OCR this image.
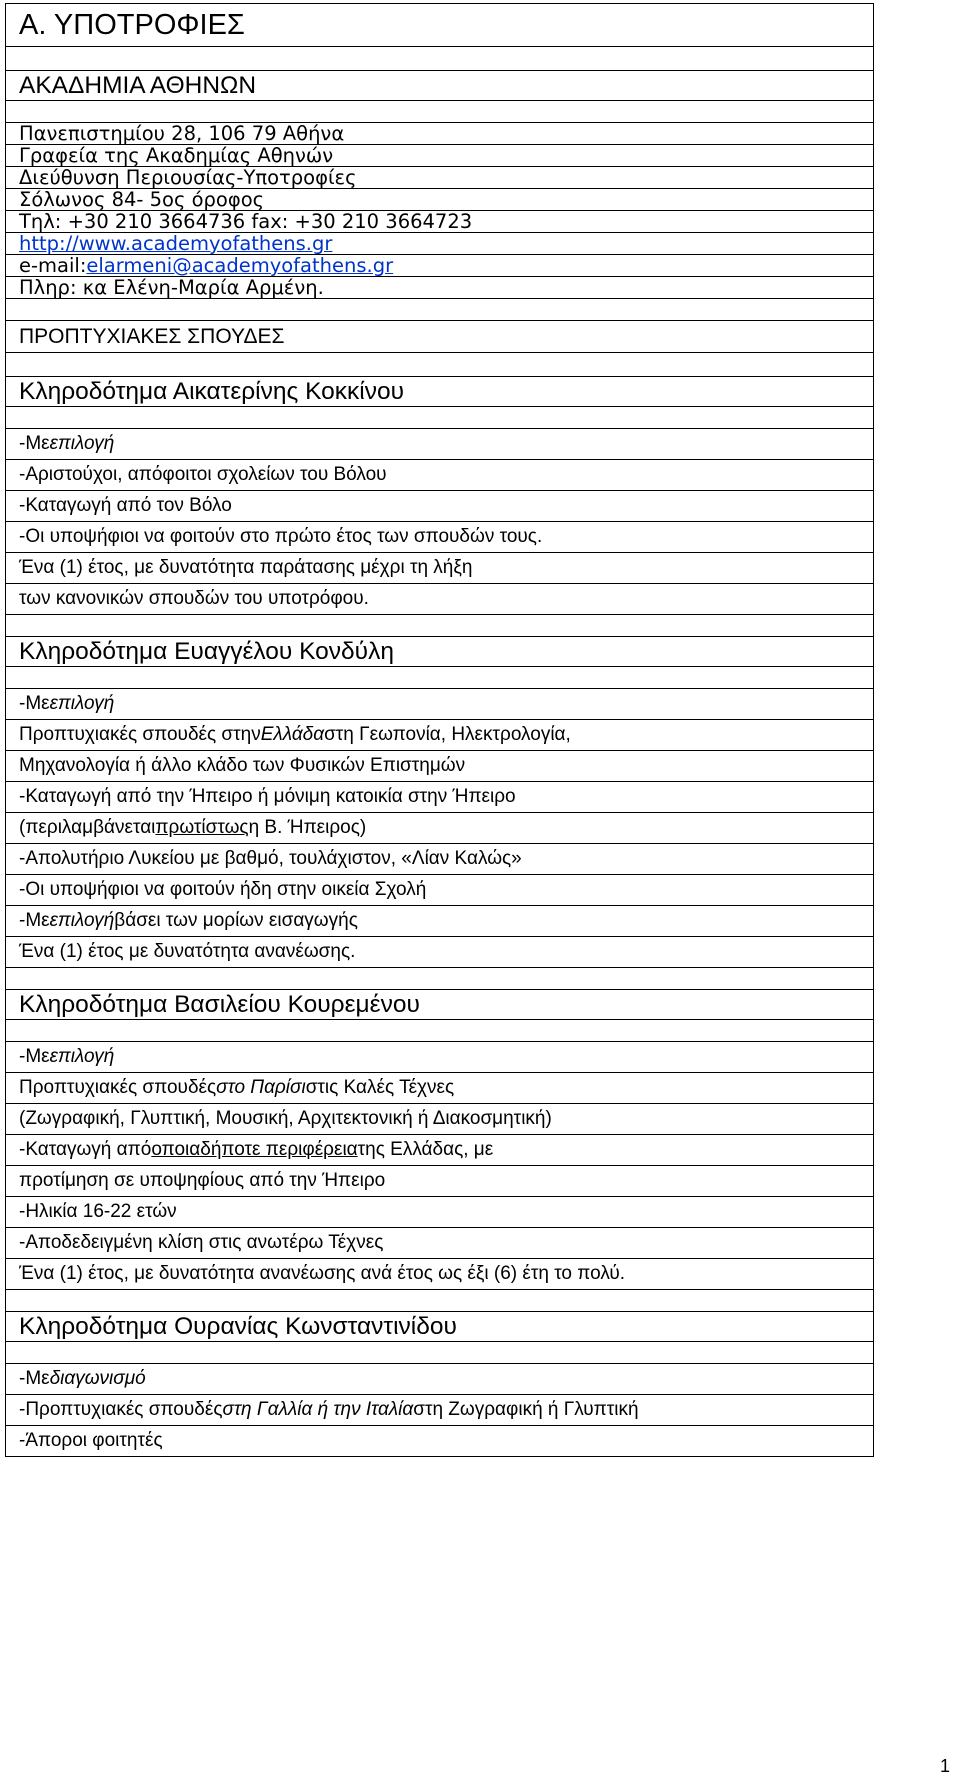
Α. ΥΠΟΤΡΟΦΙΕΣ
ΑΚΑΔΗΜΙΑ ΑΘΗΝΩΝ
Πανεπιστημίου 28, 106 79 Αθήνα
Γραφεία της Ακαδημίας Αθηνών
Διεύθυνση Περιουσίας-Υποτροφίες
Σόλωνος 84- 5ος όροφος
Τηλ: +30 210 3664736 fax: +30 210 3664723
http://www.academyofathens.gr
e-mail: elarmeni@academyofathens.gr
Πληρ: κα Ελένη-Μαρία Αρμένη.
ΠΡΟΠΤΥΧΙΑΚΕΣ ΣΠΟΥΔΕΣ
Κληροδότημα Αικατερίνης Κοκκίνου
-Με επιλογή
-Αριστούχοι, απόφοιτοι σχολείων του Βόλου
-Καταγωγή από τον Βόλο
-Οι υποψήφιοι να φοιτούν στο πρώτο έτος των σπουδών τους.
Ένα (1) έτος, με δυνατότητα παράτασης μέχρι τη λήξη
των κανονικών σπουδών του υποτρόφου.
Κληροδότημα Ευαγγέλου Κονδύλη
-Με επιλογή
Προπτυχιακές σπουδές στην Ελλάδα στη Γεωπονία, Ηλεκτρολογία,
Μηχανολογία ή άλλο κλάδο των Φυσικών Επιστημών
-Καταγωγή από την Ήπειρο ή μόνιμη κατοικία στην Ήπειρο
(περιλαμβάνεται πρωτίστως η Β. Ήπειρος)
-Απολυτήριο Λυκείου με βαθμό, τουλάχιστον, «Λίαν Καλώς»
-Οι υποψήφιοι να φοιτούν ήδη στην οικεία Σχολή
-Με επιλογή βάσει των μορίων εισαγωγής
Ένα (1) έτος με δυνατότητα ανανέωσης.
Κληροδότημα Βασιλείου Κουρεμένου
-Με επιλογή
Προπτυχιακές σπουδές στο Παρίσι στις Καλές Τέχνες
(Ζωγραφική, Γλυπτική, Μουσική, Αρχιτεκτονική ή Διακοσμητική)
-Καταγωγή από οποιαδήποτε περιφέρεια της Ελλάδας, με
προτίμηση σε υποψηφίους από την Ήπειρο
-Ηλικία 16-22 ετών
-Αποδεδειγμένη κλίση στις ανωτέρω Τέχνες
Ένα (1) έτος, με δυνατότητα ανανέωσης ανά έτος ως έξι (6) έτη το πολύ.
Κληροδότημα Ουρανίας Κωνσταντινίδου
-Με διαγωνισμό
-Προπτυχιακές σπουδές στη Γαλλία ή την Ιταλία στη Ζωγραφική ή Γλυπτική
-Άποροι φοιτητές
1
